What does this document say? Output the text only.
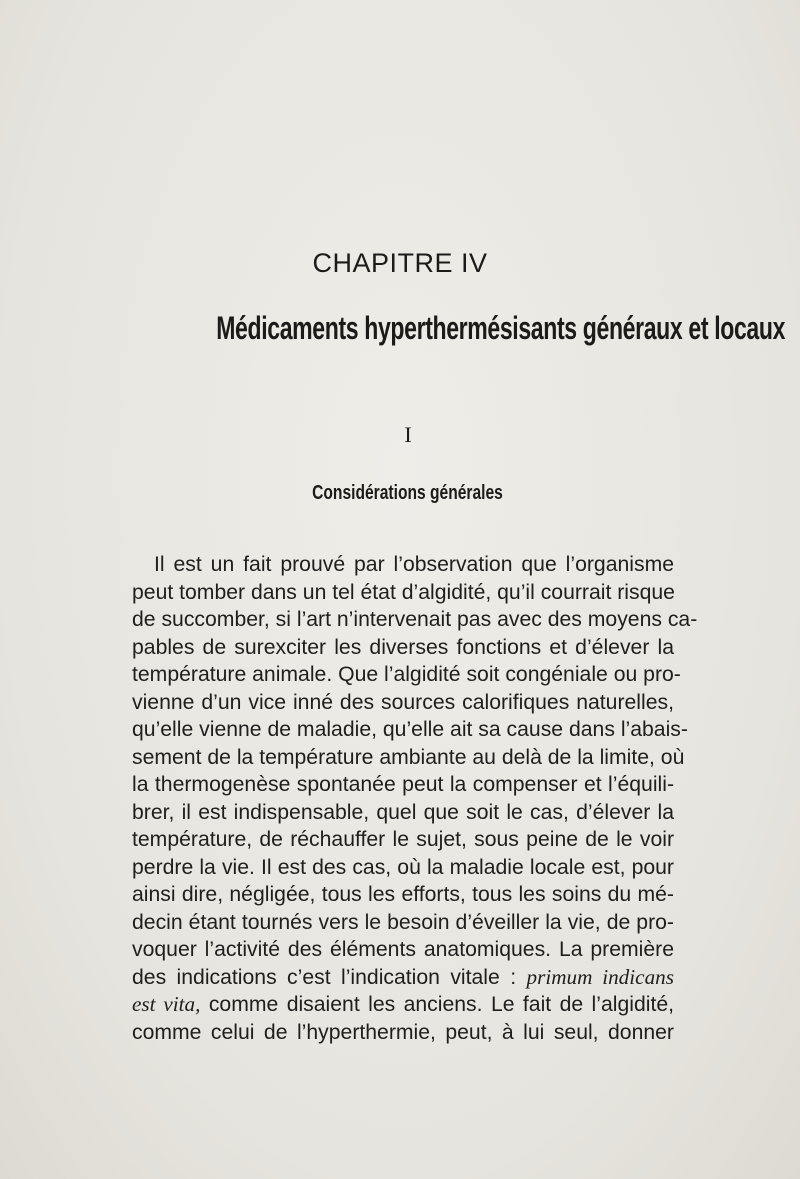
CHAPITRE IV
Médicaments hyperthermésisants généraux et locaux
I
Considérations générales
Il est un fait prouvé par l’observation que l’organisme
peut tomber dans un tel état d’algidité, qu’il courrait risque
de succomber, si l’art n’intervenait pas avec des moyens ca-
pables de surexciter les diverses fonctions et d’élever la
température animale. Que l’algidité soit congéniale ou pro-
vienne d’un vice inné des sources calorifiques naturelles,
qu’elle vienne de maladie, qu’elle ait sa cause dans l’abais-
sement de la température ambiante au delà de la limite, où
la thermogenèse spontanée peut la compenser et l’équili-
brer, il est indispensable, quel que soit le cas, d’élever la
température, de réchauffer le sujet, sous peine de le voir
perdre la vie. Il est des cas, où la maladie locale est, pour
ainsi dire, négligée, tous les efforts, tous les soins du mé-
decin étant tournés vers le besoin d’éveiller la vie, de pro-
voquer l’activité des éléments anatomiques. La première
des indications c’est l’indication vitale : primum indicans
est vita, comme disaient les anciens. Le fait de l’algidité,
comme celui de l’hyperthermie, peut, à lui seul, donner
